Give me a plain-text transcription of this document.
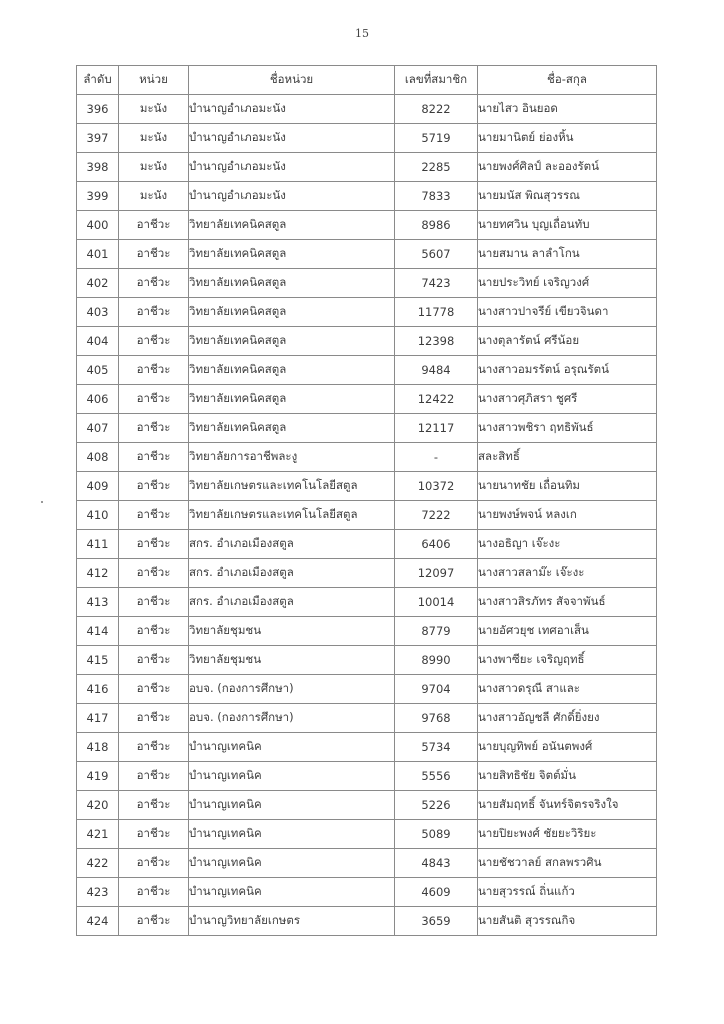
15
ลำดับ	หน่วย	ชื่อหน่วย	เลขที่สมาชิก	ชื่อ-สกุล
396	มะนัง	บำนาญอำเภอมะนัง	8222	นายไสว อินยอด
397	มะนัง	บำนาญอำเภอมะนัง	5719	นายมานิตย์ ย่องหิ้น
398	มะนัง	บำนาญอำเภอมะนัง	2285	นายพงศ์ศิลป์ ละอองรัตน์
399	มะนัง	บำนาญอำเภอมะนัง	7833	นายมนัส พิณสุวรรณ
400	อาชีวะ	วิทยาลัยเทคนิคสตูล	8986	นายทศวิน บุญเถื่อนทับ
401	อาชีวะ	วิทยาลัยเทคนิคสตูล	5607	นายสมาน ลาลำโกน
402	อาชีวะ	วิทยาลัยเทคนิคสตูล	7423	นายประวิทย์ เจริญวงศ์
403	อาชีวะ	วิทยาลัยเทคนิคสตูล	11778	นางสาวปาจรีย์ เขียวจินดา
404	อาชีวะ	วิทยาลัยเทคนิคสตูล	12398	นางตุลารัตน์ ศรีน้อย
405	อาชีวะ	วิทยาลัยเทคนิคสตูล	9484	นางสาวอมรรัตน์ อรุณรัตน์
406	อาชีวะ	วิทยาลัยเทคนิคสตูล	12422	นางสาวศุภิสรา ชูศรี
407	อาชีวะ	วิทยาลัยเทคนิคสตูล	12117	นางสาวพชิรา ฤทธิพันธ์
408	อาชีวะ	วิทยาลัยการอาชีพละงู	-	สละสิทธิ์
409	อาชีวะ	วิทยาลัยเกษตรและเทคโนโลยีสตูล	10372	นายนาทชัย เถื่อนทิม
410	อาชีวะ	วิทยาลัยเกษตรและเทคโนโลยีสตูล	7222	นายพงษ์พจน์ หลงเก
411	อาชีวะ	สกร. อำเภอเมืองสตูล	6406	นางอธิญา เจ๊ะงะ
412	อาชีวะ	สกร. อำเภอเมืองสตูล	12097	นางสาวสลาม๊ะ เจ๊ะงะ
413	อาชีวะ	สกร. อำเภอเมืองสตูล	10014	นางสาวสิรภัทร สัจจาพันธ์
414	อาชีวะ	วิทยาลัยชุมชน	8779	นายอัศวยุช เทศอาเส็น
415	อาชีวะ	วิทยาลัยชุมชน	8990	นางพาซียะ เจริญฤทธิ์
416	อาชีวะ	อบจ. (กองการศึกษา)	9704	นางสาวดรุณี สาและ
417	อาชีวะ	อบจ. (กองการศึกษา)	9768	นางสาวอัญชลี ศักดิ์ยิ่งยง
418	อาชีวะ	บำนาญเทคนิค	5734	นายบุญทิพย์ อนันตพงศ์
419	อาชีวะ	บำนาญเทคนิค	5556	นายสิทธิชัย จิตต์มั่น
420	อาชีวะ	บำนาญเทคนิค	5226	นายสัมฤทธิ์ จันทร์จิตรจริงใจ
421	อาชีวะ	บำนาญเทคนิค	5089	นายปิยะพงศ์ ชัยยะวิริยะ
422	อาชีวะ	บำนาญเทคนิค	4843	นายชัชวาลย์ สกลพรวศิน
423	อาชีวะ	บำนาญเทคนิค	4609	นายสุวรรณ์ ถิ่นแก้ว
424	อาชีวะ	บำนาญวิทยาลัยเกษตร	3659	นายสันติ สุวรรณกิจ
